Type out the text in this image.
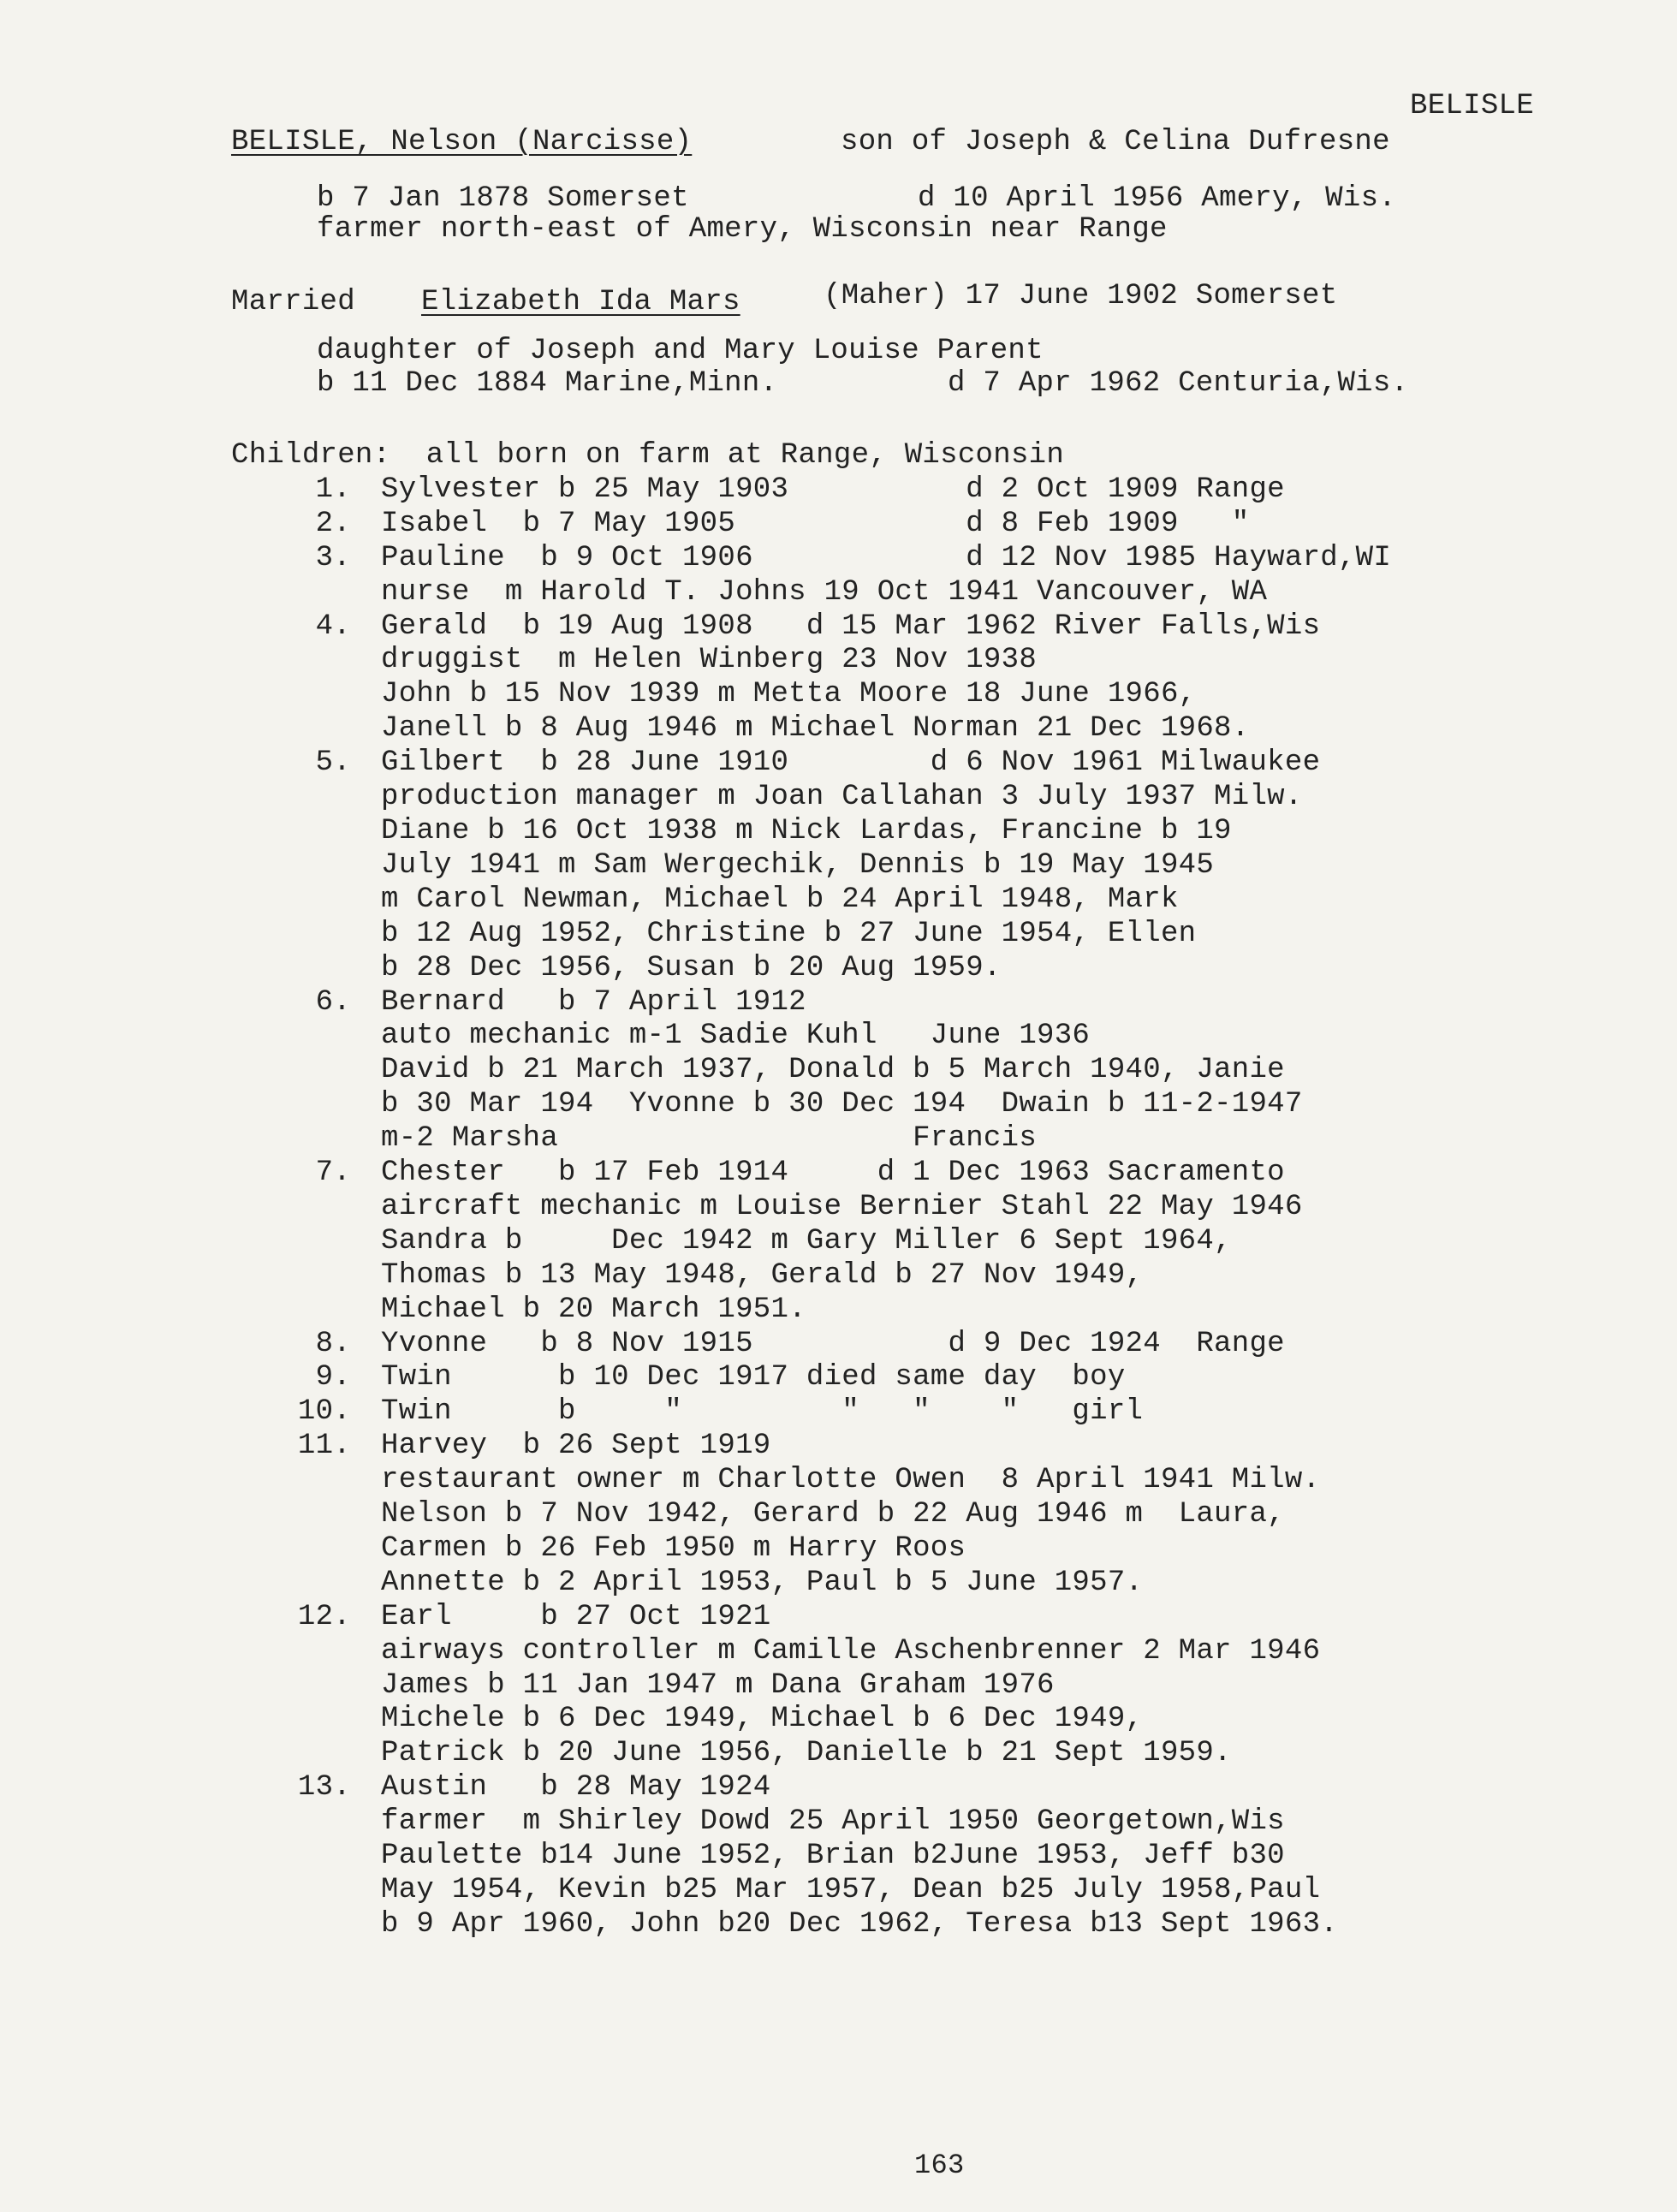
BELISLE
BELISLE, Nelson (Narcisse)	son of Joseph & Celina Dufresne
b 7 Jan 1878 Somerset	d 10 April 1956 Amery, Wis.
farmer north-east of Amery, Wisconsin near Range
Married Elizabeth Ida Mars	(Maher) 17 June 1902 Somerset
daughter of Joseph and Mary Louise Parent
b 11 Dec 1884 Marine,Minn.	d 7 Apr 1962 Centuria,Wis.
Children:  all born on farm at Range, Wisconsin
1. Sylvester b 25 May 1903          d 2 Oct 1909 Range
2. Isabel  b 7 May 1905             d 8 Feb 1909   "
3. Pauline  b 9 Oct 1906            d 12 Nov 1985 Hayward,WI
nurse  m Harold T. Johns 19 Oct 1941 Vancouver, WA
4. Gerald  b 19 Aug 1908   d 15 Mar 1962 River Falls,Wis
druggist  m Helen Winberg 23 Nov 1938
John b 15 Nov 1939 m Metta Moore 18 June 1966,
Janell b 8 Aug 1946 m Michael Norman 21 Dec 1968.
5. Gilbert  b 28 June 1910        d 6 Nov 1961 Milwaukee
production manager m Joan Callahan 3 July 1937 Milw.
Diane b 16 Oct 1938 m Nick Lardas, Francine b 19
July 1941 m Sam Wergechik, Dennis b 19 May 1945
m Carol Newman, Michael b 24 April 1948, Mark
b 12 Aug 1952, Christine b 27 June 1954, Ellen
b 28 Dec 1956, Susan b 20 Aug 1959.
6. Bernard   b 7 April 1912
auto mechanic m-1 Sadie Kuhl   June 1936
David b 21 March 1937, Donald b 5 March 1940, Janie
b 30 Mar 194  Yvonne b 30 Dec 194  Dwain b 11-2-1947
m-2 Marsha                    Francis
7. Chester   b 17 Feb 1914     d 1 Dec 1963 Sacramento
aircraft mechanic m Louise Bernier Stahl 22 May 1946
Sandra b     Dec 1942 m Gary Miller 6 Sept 1964,
Thomas b 13 May 1948, Gerald b 27 Nov 1949,
Michael b 20 March 1951.
8. Yvonne   b 8 Nov 1915           d 9 Dec 1924  Range
9. Twin      b 10 Dec 1917 died same day  boy
10. Twin      b     "         "   "    "   girl
11. Harvey  b 26 Sept 1919
restaurant owner m Charlotte Owen  8 April 1941 Milw.
Nelson b 7 Nov 1942, Gerard b 22 Aug 1946 m  Laura,
Carmen b 26 Feb 1950 m Harry Roos
Annette b 2 April 1953, Paul b 5 June 1957.
12. Earl     b 27 Oct 1921
airways controller m Camille Aschenbrenner 2 Mar 1946
James b 11 Jan 1947 m Dana Graham 1976
Michele b 6 Dec 1949, Michael b 6 Dec 1949,
Patrick b 20 June 1956, Danielle b 21 Sept 1959.
13. Austin   b 28 May 1924
farmer  m Shirley Dowd 25 April 1950 Georgetown,Wis
Paulette b14 June 1952, Brian b2June 1953, Jeff b30
May 1954, Kevin b25 Mar 1957, Dean b25 July 1958,Paul
b 9 Apr 1960, John b20 Dec 1962, Teresa b13 Sept 1963.
163
